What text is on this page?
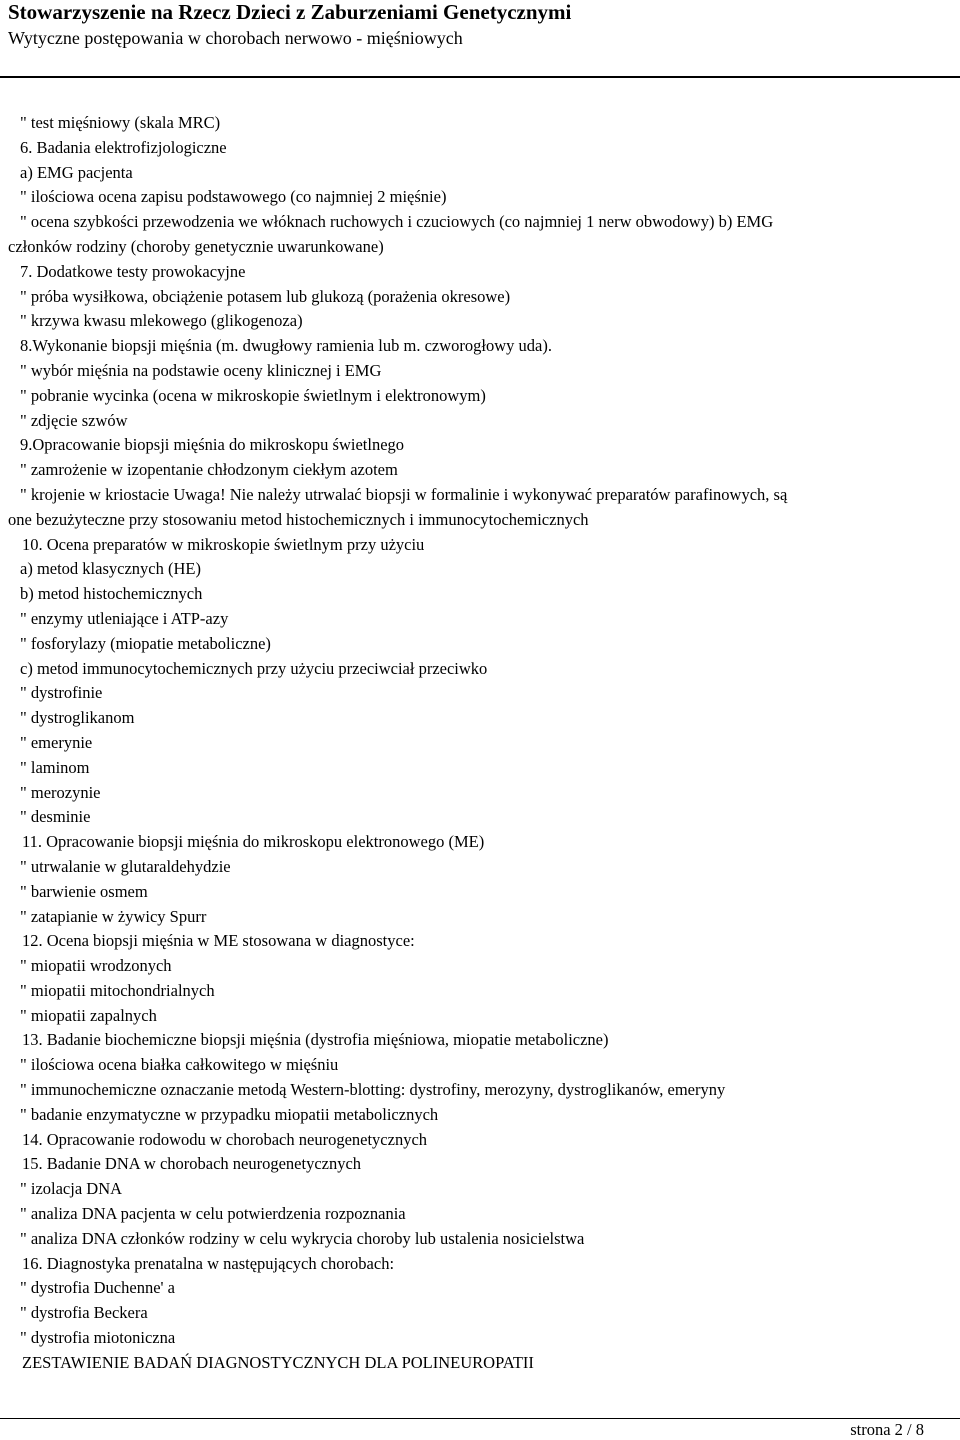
Stowarzyszenie na Rzecz Dzieci z Zaburzeniami Genetycznymi
Wytyczne postępowania w chorobach nerwowo - mięśniowych
" test mięśniowy (skala MRC)
6. Badania elektrofizjologiczne
a) EMG pacjenta
" ilościowa ocena zapisu podstawowego (co najmniej 2 mięśnie)
" ocena szybkości przewodzenia we włóknach ruchowych i czuciowych (co najmniej 1 nerw obwodowy) b) EMG
członków rodziny (choroby genetycznie uwarunkowane)
7. Dodatkowe testy prowokacyjne
" próba wysiłkowa, obciążenie potasem lub glukozą (porażenia okresowe)
" krzywa kwasu mlekowego (glikogenoza)
8.Wykonanie biopsji mięśnia (m. dwugłowy ramienia lub m. czworogłowy uda).
" wybór mięśnia na podstawie oceny klinicznej i EMG
" pobranie wycinka (ocena w mikroskopie świetlnym i elektronowym)
" zdjęcie szwów
9.Opracowanie biopsji mięśnia do mikroskopu świetlnego
" zamrożenie w izopentanie chłodzonym ciekłym azotem
" krojenie w kriostacie Uwaga! Nie należy utrwalać biopsji w formalinie i wykonywać preparatów parafinowych, są
one bezużyteczne przy stosowaniu metod histochemicznych i immunocytochemicznych
10. Ocena preparatów w mikroskopie świetlnym przy użyciu
a) metod klasycznych (HE)
b) metod histochemicznych
" enzymy utleniające i ATP-azy
" fosforylazy (miopatie metaboliczne)
c) metod immunocytochemicznych przy użyciu przeciwciał przeciwko
" dystrofinie
" dystroglikanom
" emerynie
" laminom
" merozynie
" desminie
11. Opracowanie biopsji mięśnia do mikroskopu elektronowego (ME)
" utrwalanie w glutaraldehydzie
" barwienie osmem
" zatapianie w żywicy Spurr
12. Ocena biopsji mięśnia w ME stosowana w diagnostyce:
" miopatii wrodzonych
" miopatii mitochondrialnych
" miopatii zapalnych
13. Badanie biochemiczne biopsji mięśnia (dystrofia mięśniowa, miopatie metaboliczne)
" ilościowa ocena białka całkowitego w mięśniu
" immunochemiczne oznaczanie metodą Western-blotting: dystrofiny, merozyny, dystroglikanów, emeryny
" badanie enzymatyczne w przypadku miopatii metabolicznych
14. Opracowanie rodowodu w chorobach neurogenetycznych
15. Badanie DNA w chorobach neurogenetycznych
" izolacja DNA
" analiza DNA pacjenta w celu potwierdzenia rozpoznania
" analiza DNA członków rodziny w celu wykrycia choroby lub ustalenia nosicielstwa
16. Diagnostyka prenatalna w następujących chorobach:
" dystrofia Duchenne' a
" dystrofia Beckera
" dystrofia miotoniczna
ZESTAWIENIE BADAŃ DIAGNOSTYCZNYCH DLA POLINEUROPATII
strona 2 / 8
